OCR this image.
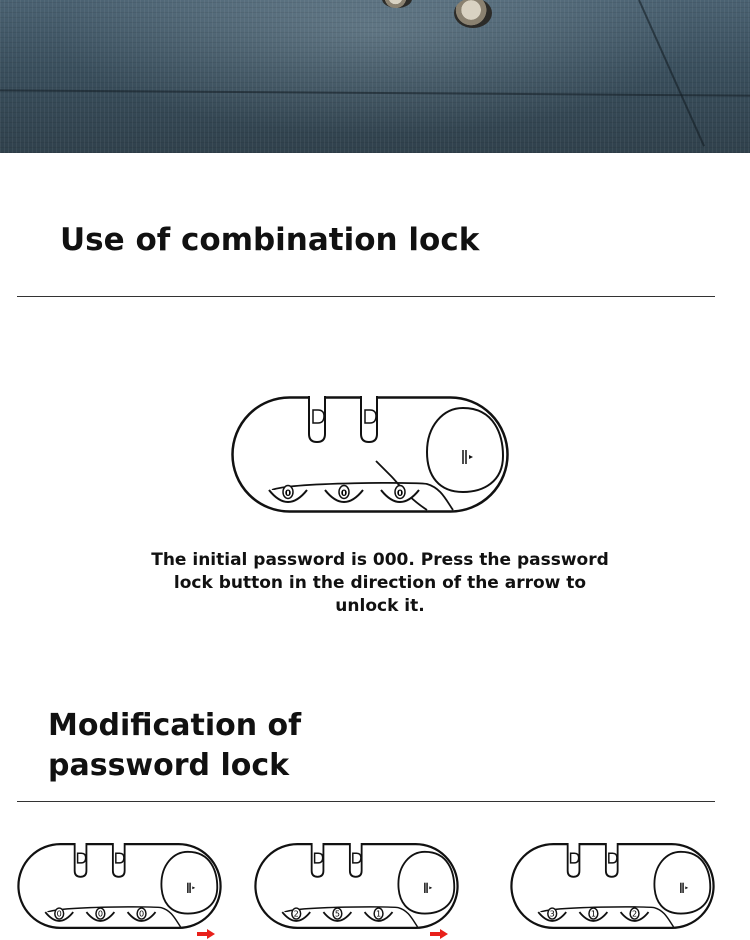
Use of combination lock
0	0	0
The initial password is 000. Press the password lock button in the direction of the arrow to unlock it.
Modification of
password lock
0	0	0	2	5	1	3	1	2
